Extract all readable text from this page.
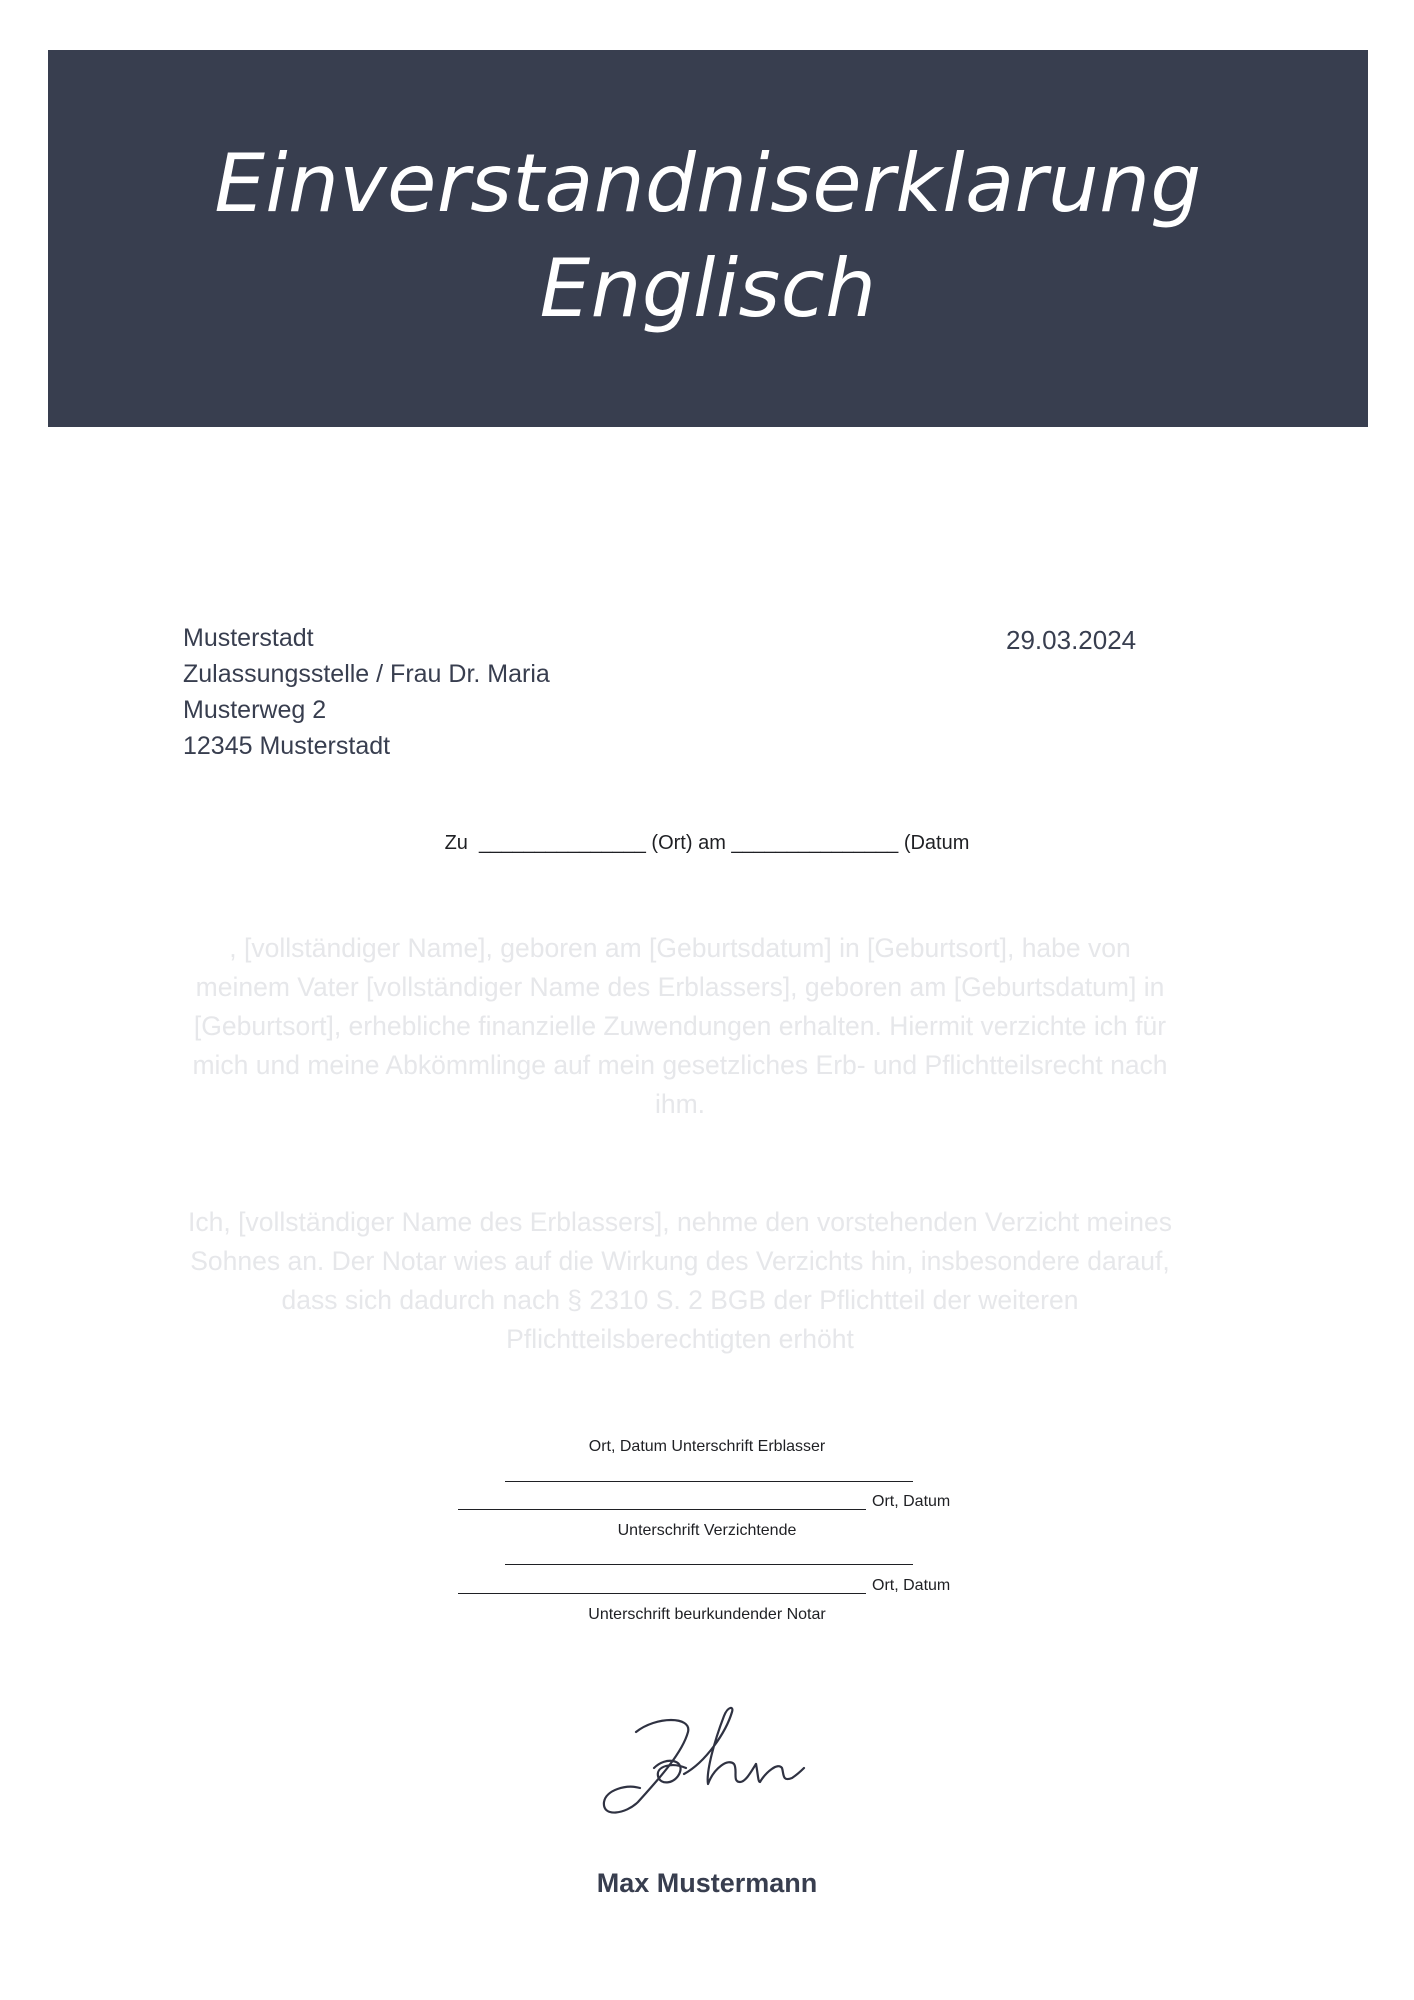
Einverstandniserklarung
Englisch
Musterstadt
Zulassungsstelle / Frau Dr. Maria
Musterweg 2
12345 Musterstadt
29.03.2024
Zu  _______________ (Ort) am _______________ (Datum
, [vollständiger Name], geboren am [Geburtsdatum] in [Geburtsort], habe von meinem Vater [vollständiger Name des Erblassers], geboren am [Geburtsdatum] in [Geburtsort], erhebliche finanzielle Zuwendungen erhalten. Hiermit verzichte ich für mich und meine Abkömmlinge auf mein gesetzliches Erb- und Pflichtteilsrecht nach ihm.
Ich, [vollständiger Name des Erblassers], nehme den vorstehenden Verzicht meines Sohnes an. Der Notar wies auf die Wirkung des Verzichts hin, insbesondere darauf, dass sich dadurch nach § 2310 S. 2 BGB der Pflichtteil der weiteren Pflichtteilsberechtigten erhöht
Ort, Datum Unterschrift Erblasser
Ort, Datum
Unterschrift Verzichtende
Ort, Datum
Unterschrift beurkundender Notar
Max Mustermann
